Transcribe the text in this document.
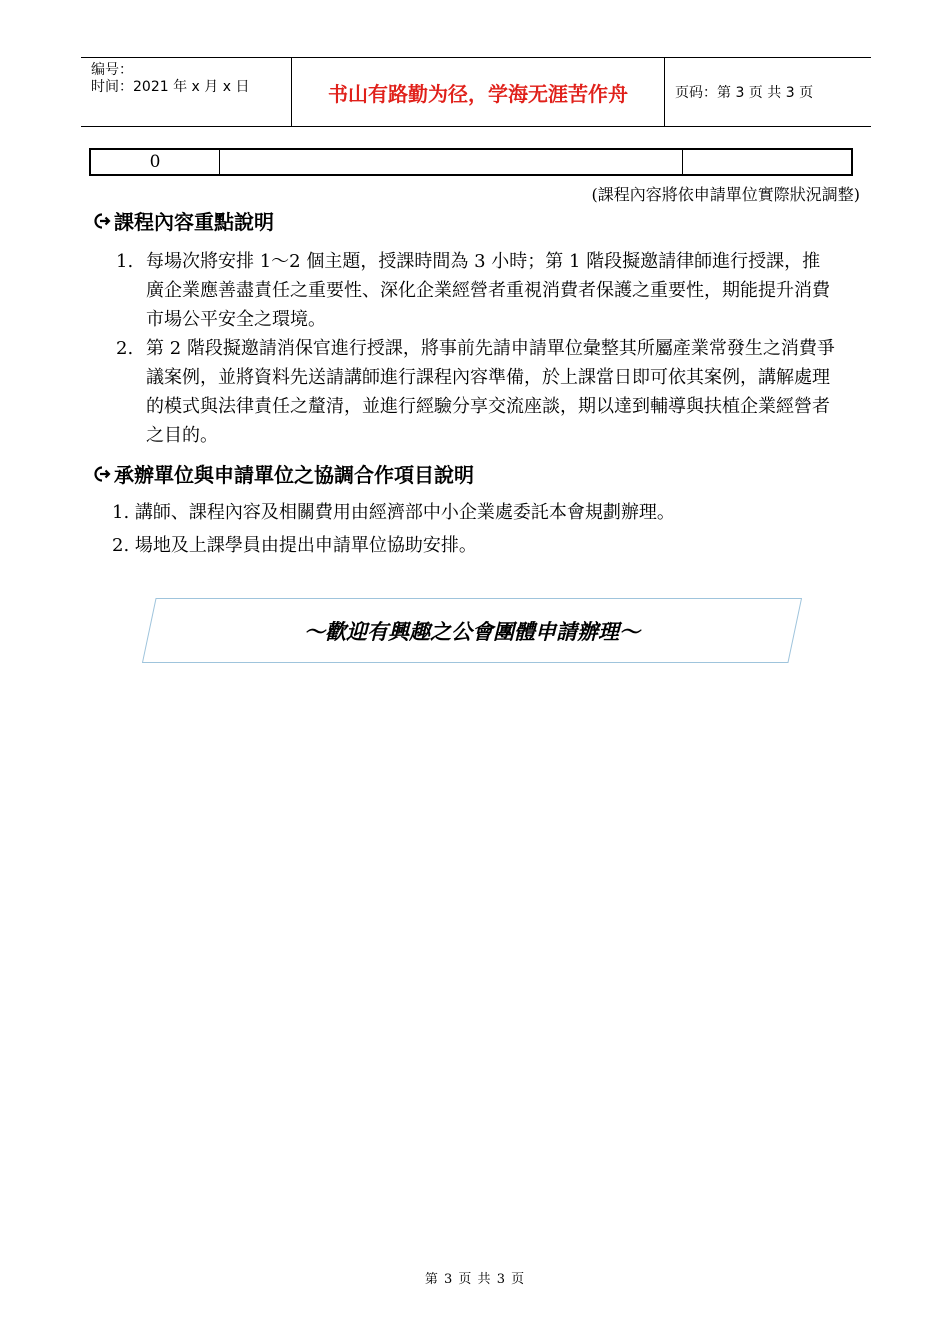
编号：
时间：2021 年 x 月 x 日	书山有路勤为径，学海无涯苦作舟	页码：第 3 页 共 3 页
0
(課程內容將依申請單位實際狀況調整)
課程內容重點說明
1. 每場次將安排 1～2 個主題，授課時間為 3 小時；第 1 階段擬邀請律師進行授課，推廣企業應善盡責任之重要性、深化企業經營者重視消費者保護之重要性，期能提升消費市場公平安全之環境。
2. 第 2 階段擬邀請消保官進行授課，將事前先請申請單位彙整其所屬產業常發生之消費爭議案例，並將資料先送請講師進行課程內容準備，於上課當日即可依其案例，講解處理的模式與法律責任之釐清，並進行經驗分享交流座談，期以達到輔導與扶植企業經營者之目的。
承辦單位與申請單位之協調合作項目說明
1. 講師、課程內容及相關費用由經濟部中小企業處委託本會規劃辦理。
2. 場地及上課學員由提出申請單位協助安排。
～歡迎有興趣之公會團體申請辦理～
第 3 页 共 3 页
